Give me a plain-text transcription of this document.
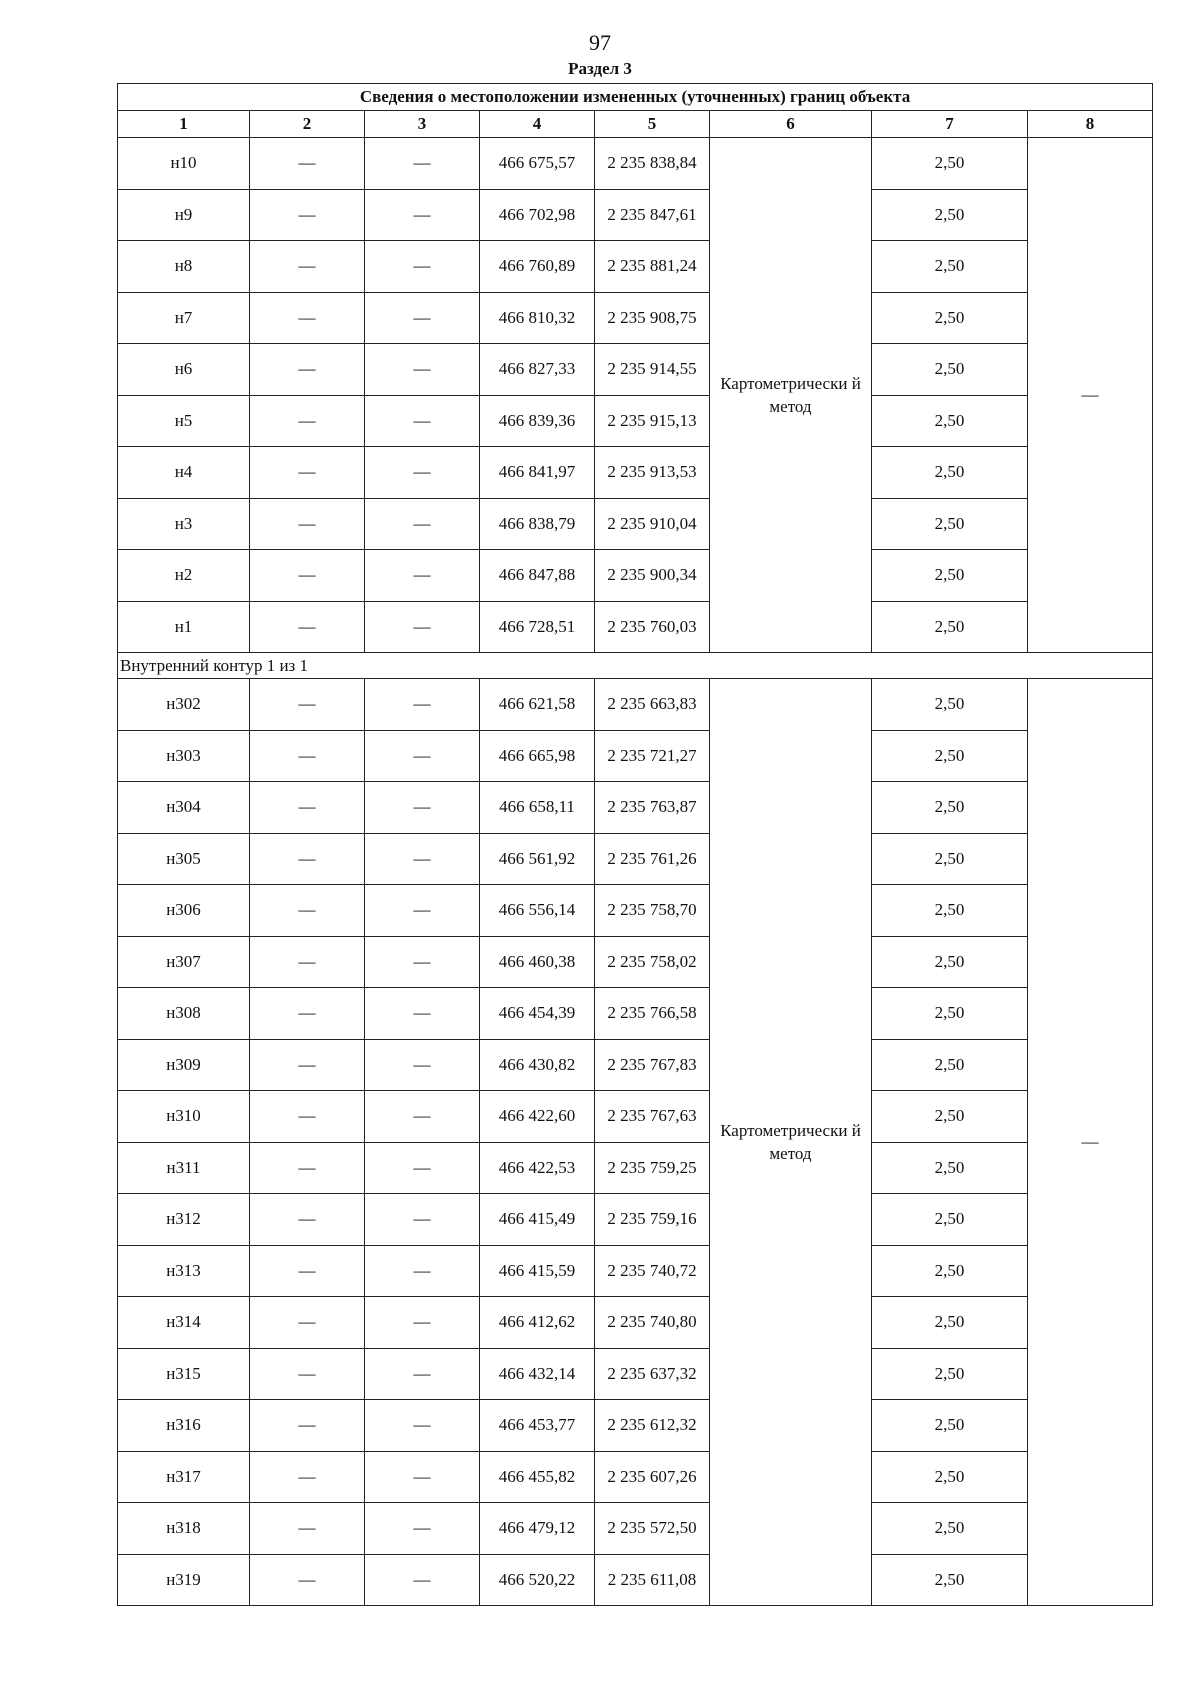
97
Раздел 3
Сведения о местоположении измененных (уточненных) границ объекта							
1	2	3	4	5	6	7	8
н10	—	—	466 675,57	2 235 838,84	Картометрически й метод	2,50	—
н9	—	—	466 702,98	2 235 847,61		2,50	
н8	—	—	466 760,89	2 235 881,24		2,50	
н7	—	—	466 810,32	2 235 908,75		2,50	
н6	—	—	466 827,33	2 235 914,55		2,50	
н5	—	—	466 839,36	2 235 915,13		2,50	
н4	—	—	466 841,97	2 235 913,53		2,50	
н3	—	—	466 838,79	2 235 910,04		2,50	
н2	—	—	466 847,88	2 235 900,34		2,50	
н1	—	—	466 728,51	2 235 760,03		2,50	
Внутренний контур 1 из 1							
н302	—	—	466 621,58	2 235 663,83	Картометрически й метод	2,50	—
н303	—	—	466 665,98	2 235 721,27		2,50	
н304	—	—	466 658,11	2 235 763,87		2,50	
н305	—	—	466 561,92	2 235 761,26		2,50	
н306	—	—	466 556,14	2 235 758,70		2,50	
н307	—	—	466 460,38	2 235 758,02		2,50	
н308	—	—	466 454,39	2 235 766,58		2,50	
н309	—	—	466 430,82	2 235 767,83		2,50	
н310	—	—	466 422,60	2 235 767,63		2,50	
н311	—	—	466 422,53	2 235 759,25		2,50	
н312	—	—	466 415,49	2 235 759,16		2,50	
н313	—	—	466 415,59	2 235 740,72		2,50	
н314	—	—	466 412,62	2 235 740,80		2,50	
н315	—	—	466 432,14	2 235 637,32		2,50	
н316	—	—	466 453,77	2 235 612,32		2,50	
н317	—	—	466 455,82	2 235 607,26		2,50	
н318	—	—	466 479,12	2 235 572,50		2,50	
н319	—	—	466 520,22	2 235 611,08		2,50	
